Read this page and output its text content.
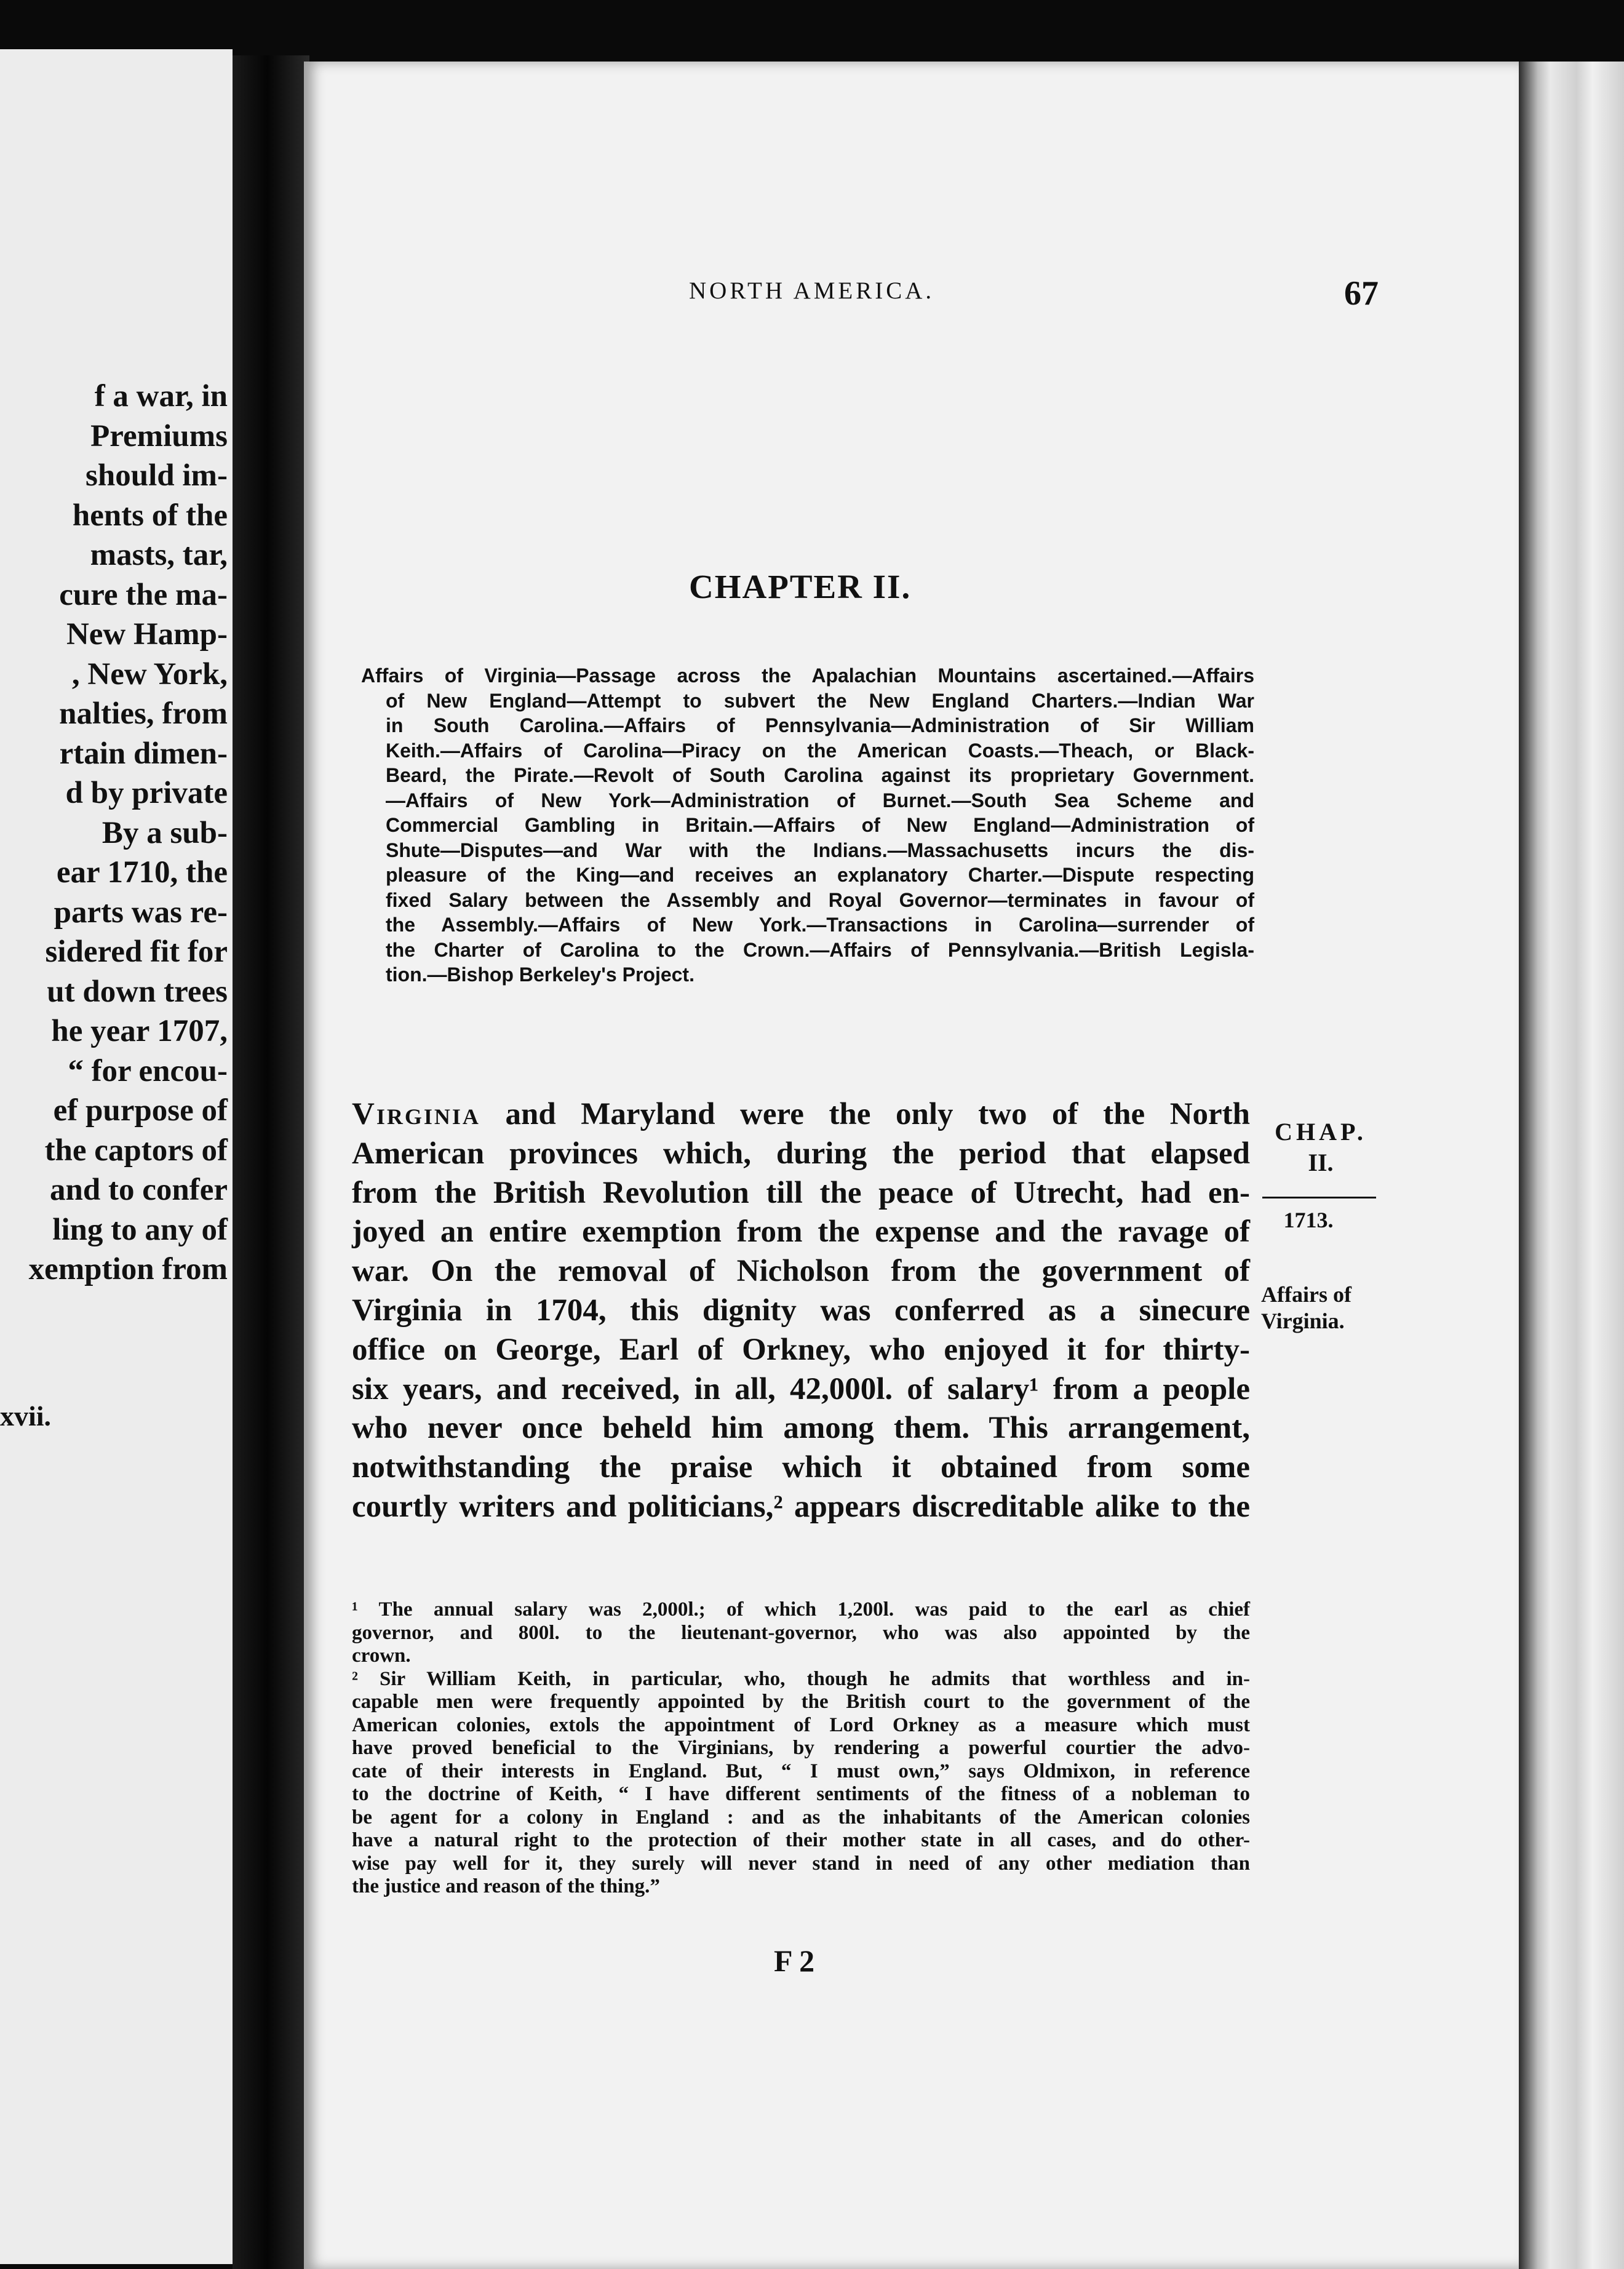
f a war, in
Premiums
should im-
hents of the
masts, tar,
cure the ma-
New Hamp-
, New York,
nalties, from
rtain dimen-
d by private
By a sub-
ear 1710, the
parts was re-
sidered fit for
ut down trees
he year 1707,
“ for encou-
ef purpose of
the captors of
and to confer
ling to any of
xemption from
xvii.
NORTH AMERICA.	67
CHAPTER II.
Affairs of Virginia—Passage across the Apalachian Mountains ascertained.—Affairs
of New England—Attempt to subvert the New England Charters.—Indian War
in South Carolina.—Affairs of Pennsylvania—Administration of Sir William
Keith.—Affairs of Carolina—Piracy on the American Coasts.—Theach, or Black-
Beard, the Pirate.—Revolt of South Carolina against its proprietary Government.
—Affairs of New York—Administration of Burnet.—South Sea Scheme and
Commercial Gambling in Britain.—Affairs of New England—Administration of
Shute—Disputes—and War with the Indians.—Massachusetts incurs the dis-
pleasure of the King—and receives an explanatory Charter.—Dispute respecting
fixed Salary between the Assembly and Royal Governor—terminates in favour of
the Assembly.—Affairs of New York.—Transactions in Carolina—surrender of
the Charter of Carolina to the Crown.—Affairs of Pennsylvania.—British Legisla-
tion.—Bishop Berkeley's Project.
Virginia and Maryland were the only two of the North
American provinces which, during the period that elapsed
from the British Revolution till the peace of Utrecht, had en-
joyed an entire exemption from the expense and the ravage of
war. On the removal of Nicholson from the government of
Virginia in 1704, this dignity was conferred as a sinecure
office on George, Earl of Orkney, who enjoyed it for thirty-
six years, and received, in all, 42,000l. of salary¹ from a people
who never once beheld him among them. This arrangement,
notwithstanding the praise which it obtained from some
courtly writers and politicians,² appears discreditable alike to the
CHAP.
II.
1713.
Affairs of
Virginia.
¹ The annual salary was 2,000l.; of which 1,200l. was paid to the earl as chief
governor, and 800l. to the lieutenant-governor, who was also appointed by the
crown.
² Sir William Keith, in particular, who, though he admits that worthless and in-
capable men were frequently appointed by the British court to the government of the
American colonies, extols the appointment of Lord Orkney as a measure which must
have proved beneficial to the Virginians, by rendering a powerful courtier the advo-
cate of their interests in England. But, “ I must own,” says Oldmixon, in reference
to the doctrine of Keith, “ I have different sentiments of the fitness of a nobleman to
be agent for a colony in England : and as the inhabitants of the American colonies
have a natural right to the protection of their mother state in all cases, and do other-
wise pay well for it, they surely will never stand in need of any other mediation than
the justice and reason of the thing.”
F 2
